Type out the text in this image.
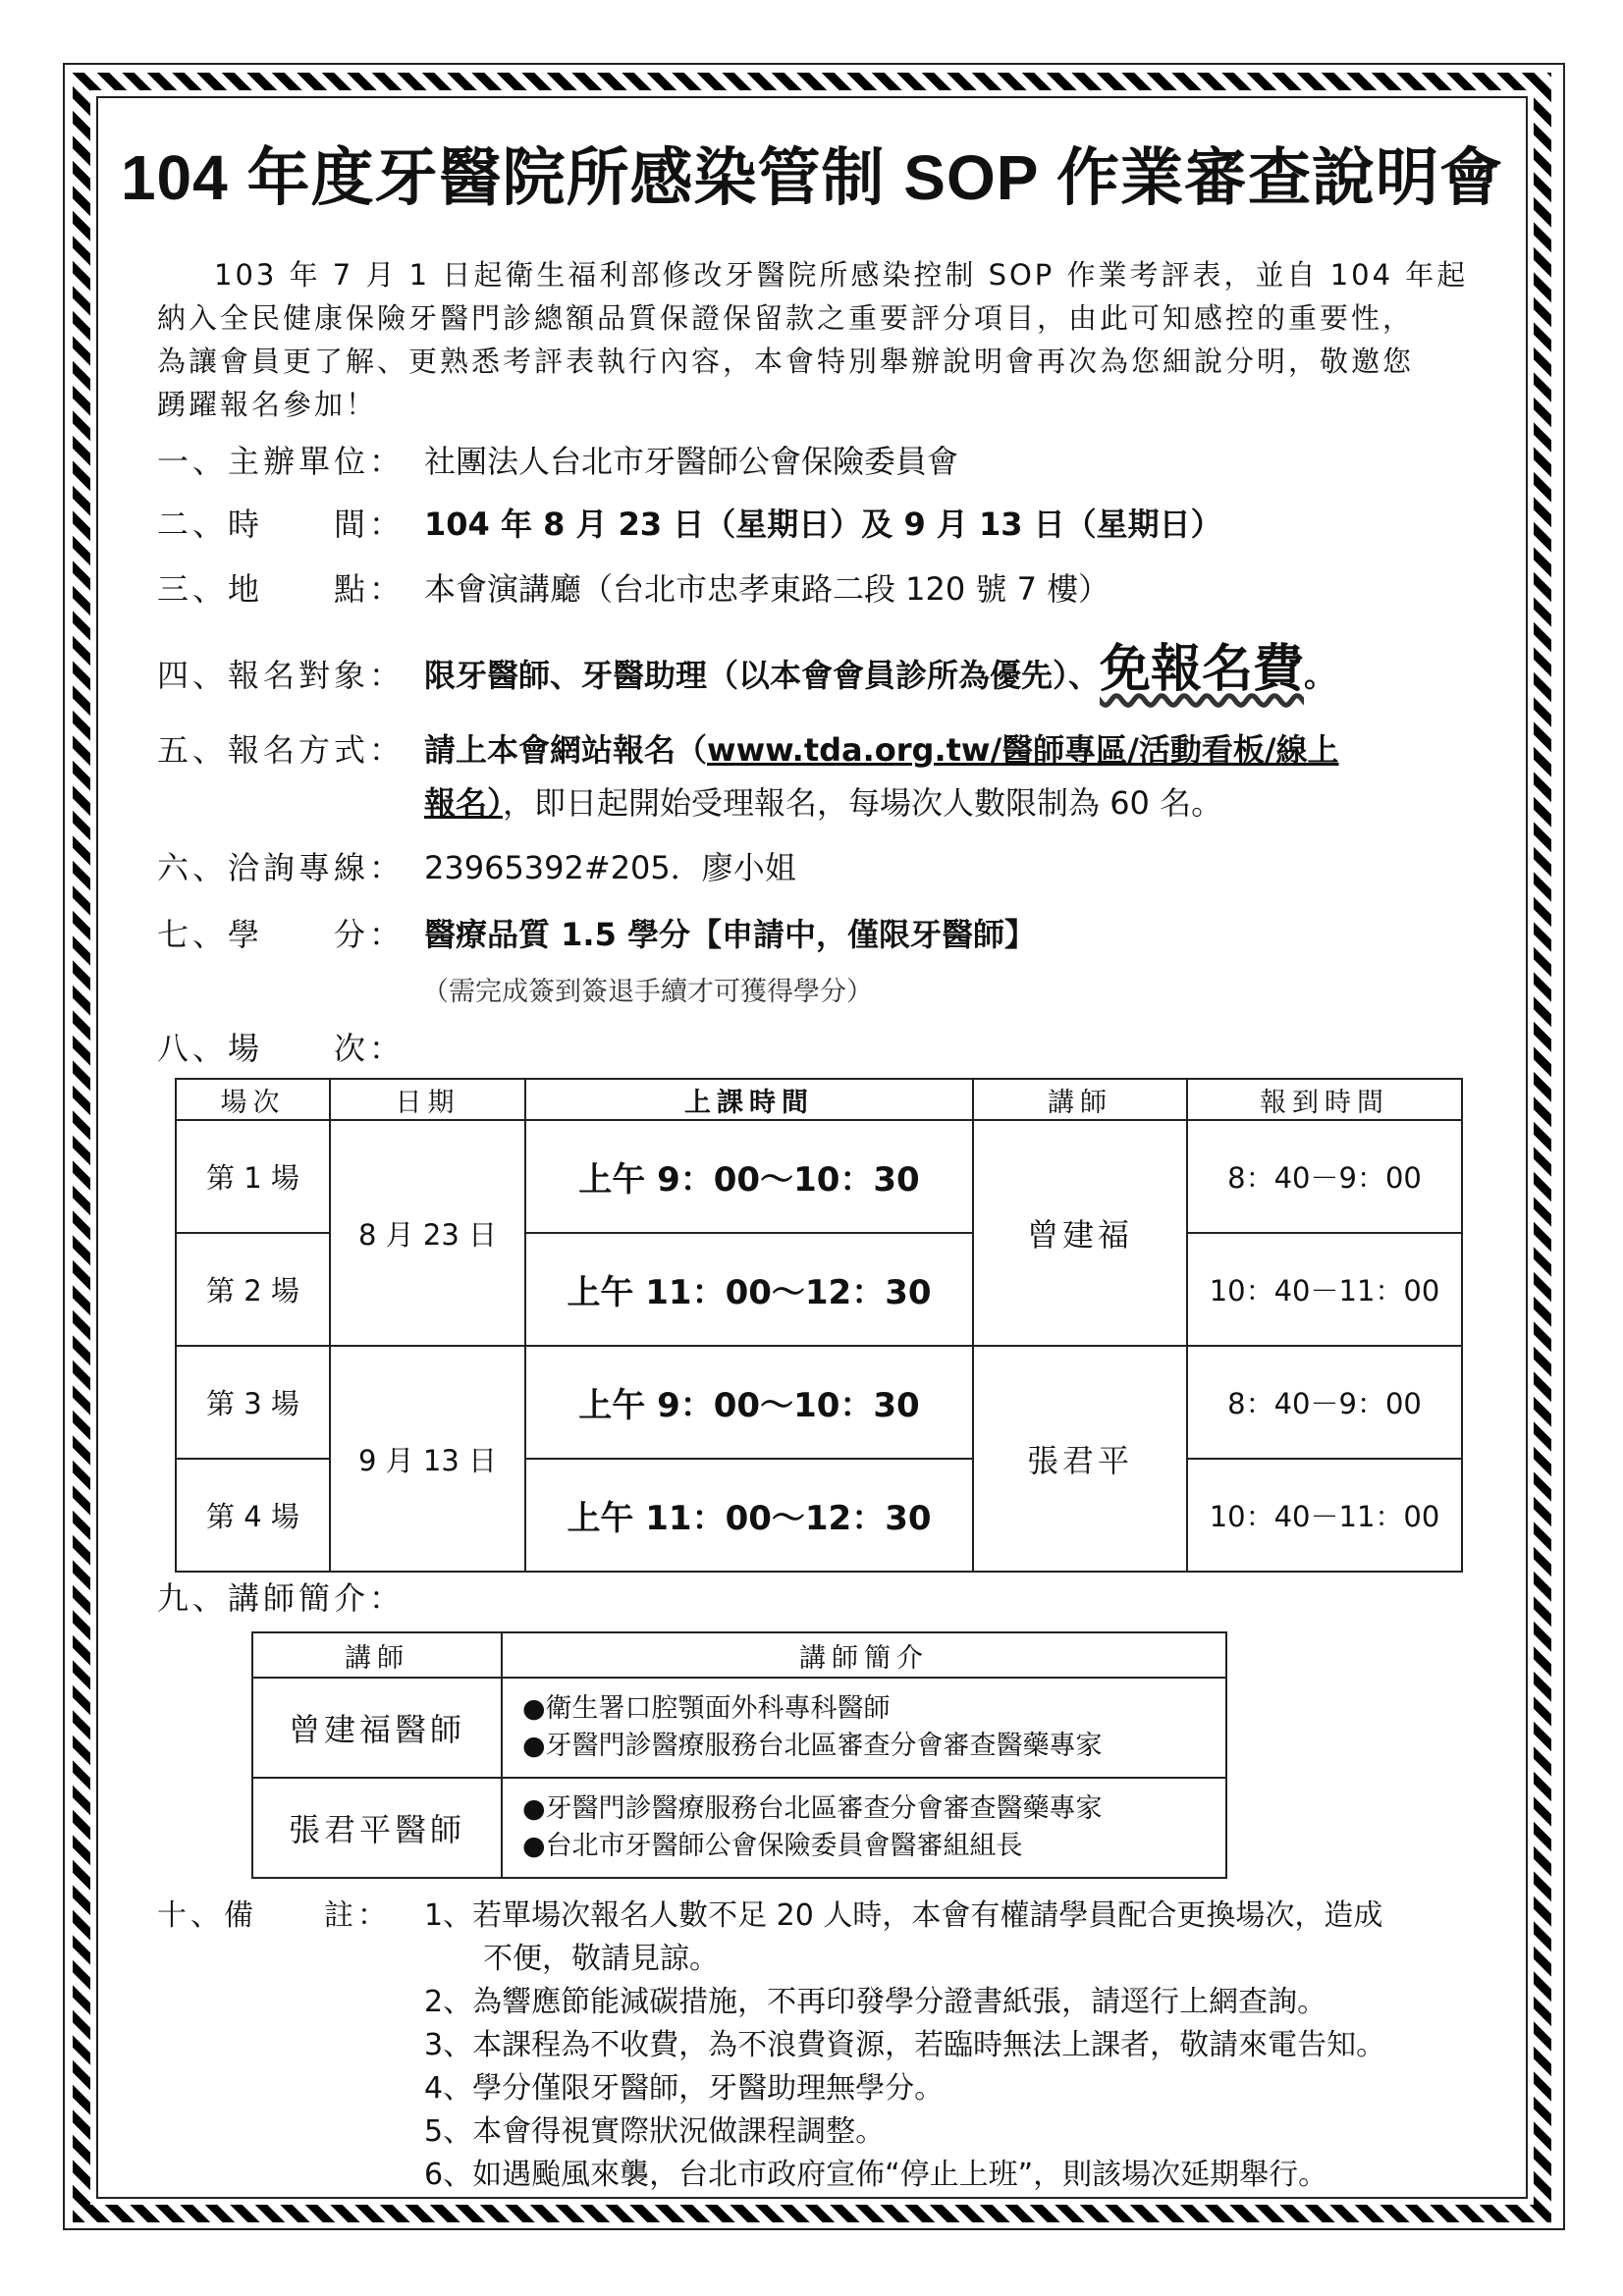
104 年度牙醫院所感染管制 SOP 作業審查說明會
103 年 7 月 1 日起衛生福利部修改牙醫院所感染控制 SOP 作業考評表，並自 104 年起
納入全民健康保險牙醫門診總額品質保證保留款之重要評分項目，由此可知感控的重要性，
為讓會員更了解、更熟悉考評表執行內容，本會特別舉辦說明會再次為您細說分明，敬邀您
踴躍報名參加！
一、主辦單位： 社團法人台北市牙醫師公會保險委員會
二、時　　間： 104 年 8 月 23 日（星期日）及 9 月 13 日（星期日）
三、地　　點： 本會演講廳（台北市忠孝東路二段 120 號 7 樓）
四、報名對象： 限牙醫師、牙醫助理（以本會會員診所為優先）、免報名費。
五、報名方式： 請上本會網站報名（www.tda.org.tw/醫師專區/活動看板/線上
報名），即日起開始受理報名，每場次人數限制為 60 名。
六、洽詢專線： 23965392#205．廖小姐
七、學　　分： 醫療品質 1.5 學分【申請中，僅限牙醫師】
（需完成簽到簽退手續才可獲得學分）
八、場　　次：
場次	日期	上課時間	講師	報到時間
第 1 場	8 月 23 日	上午 9：00～10：30	曾建福	8：40－9：00
第 2 場		上午 11：00～12：30		10：40－11：00
第 3 場	9 月 13 日	上午 9：00～10：30	張君平	8：40－9：00
第 4 場		上午 11：00～12：30		10：40－11：00
九、講師簡介：
講師	講師簡介
曾建福醫師	●衛生署口腔顎面外科專科醫師
●牙醫門診醫療服務台北區審查分會審查醫藥專家

張君平醫師	●牙醫門診醫療服務台北區審查分會審查醫藥專家
●台北市牙醫師公會保險委員會醫審組組長
十、備　　註： 1、若單場次報名人數不足 20 人時，本會有權請學員配合更換場次，造成
不便，敬請見諒。
2、為響應節能減碳措施，不再印發學分證書紙張，請逕行上網查詢。
3、本課程為不收費，為不浪費資源，若臨時無法上課者，敬請來電告知。
4、學分僅限牙醫師，牙醫助理無學分。
5、本會得視實際狀況做課程調整。
6、如遇颱風來襲，台北市政府宣佈“停止上班”，則該場次延期舉行。
